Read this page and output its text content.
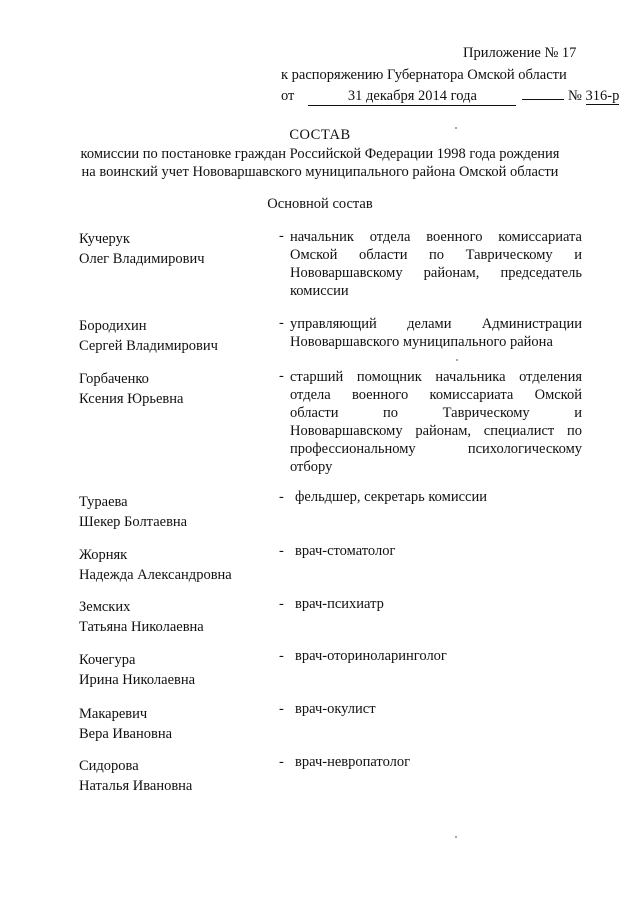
Приложение № 17
к распоряжению Губернатора Омской области
от	31 декабря 2014 года	№ 316-р
СОСТАВ
комиссии по постановке граждан Российской Федерации 1998 года рождения
на воинский учет Нововаршавского муниципального района Омской области
Основной состав
Кучерук
Олег Владимирович
- начальник отдела военного комиссариата
Омской области по Таврическому и
Нововаршавскому районам, председатель
комиссии
Бородихин
Сергей Владимирович
- управляющий делами Администрации
Нововаршавского муниципального района
Горбаченко
Ксения Юрьевна
- старший помощник начальника отделения
отдела военного комиссариата Омской
области по Таврическому и
Нововаршавскому районам, специалист по
профессиональному психологическому
отбору
Тураева
Шекер Болтаевна
- фельдшер, секретарь комиссии
Жорняк
Надежда Александровна
- врач-стоматолог
Земских
Татьяна Николаевна
- врач-психиатр
Кочегура
Ирина Николаевна
- врач-оториноларинголог
Макаревич
Вера Ивановна
- врач-окулист
Сидорова
Наталья Ивановна
- врач-невропатолог
